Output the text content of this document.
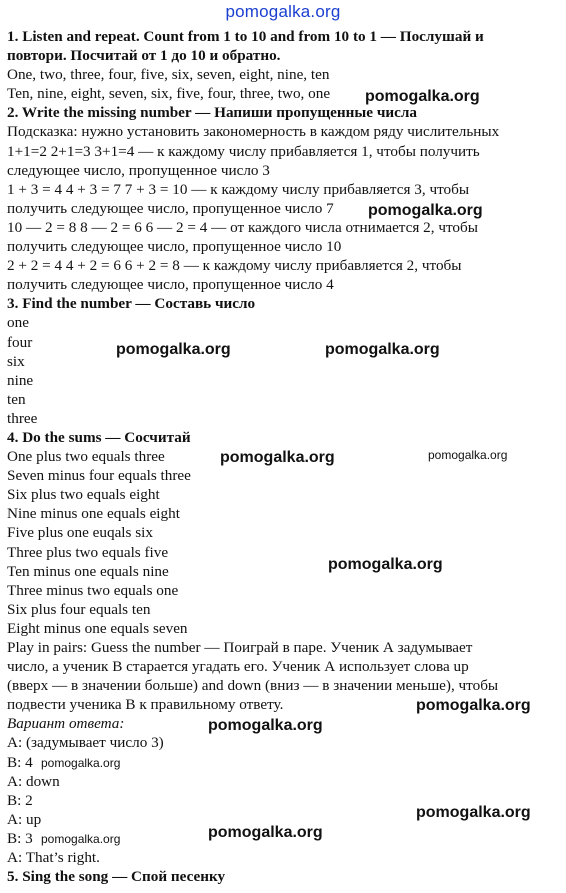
pomogalka.org
1. Listen and repeat. Count from 1 to 10 and from 10 to 1 — Послушай и
повтори. Посчитай от 1 до 10 и обратно.
One, two, three, four, five, six, seven, eight, nine, ten
Ten, nine, eight, seven, six, five, four, three, two, one
2. Write the missing number — Напиши пропущенные числа
Подсказка: нужно установить закономерность в каждом ряду числительных
1+1=2 2+1=3 3+1=4 — к каждому числу прибавляется 1, чтобы получить
следующее число, пропущенное число 3
1 + 3 = 4 4 + 3 = 7 7 + 3 = 10 — к каждому числу прибавляется 3, чтобы
получить следующее число, пропущенное число 7
10 — 2 = 8 8 — 2 = 6 6 — 2 = 4 — от каждого числа отнимается 2, чтобы
получить следующее число, пропущенное число 10
2 + 2 = 4 4 + 2 = 6 6 + 2 = 8 — к каждому числу прибавляется 2, чтобы
получить следующее число, пропущенное число 4
3. Find the number — Составь число
one
four
six
nine
ten
three
4. Do the sums — Сосчитай
One plus two equals three
Seven minus four equals three
Six plus two equals eight
Nine minus one equals eight
Five plus one euqals six
Three plus two equals five
Ten minus one equals nine
Three minus two equals one
Six plus four equals ten
Eight minus one equals seven
Play in pairs: Guess the number — Поиграй в паре. Ученик А задумывает
число, а ученик В старается угадать его. Ученик А использует слова up
(вверх — в значении больше) and down (вниз — в значении меньше), чтобы
подвести ученика В к правильному ответу.
Вариант ответа:
A: (задумывает число 3)
B: 4
A: down
B: 2
A: up
B: 3
A: That’s right.
5. Sing the song — Спой песенку
pomogalka.org
pomogalka.org
pomogalka.org	pomogalka.org
pomogalka.org	pomogalka.org
pomogalka.org
pomogalka.org
pomogalka.org
pomogalka.org
pomogalka.org
pomogalka.org
pomogalka.org
